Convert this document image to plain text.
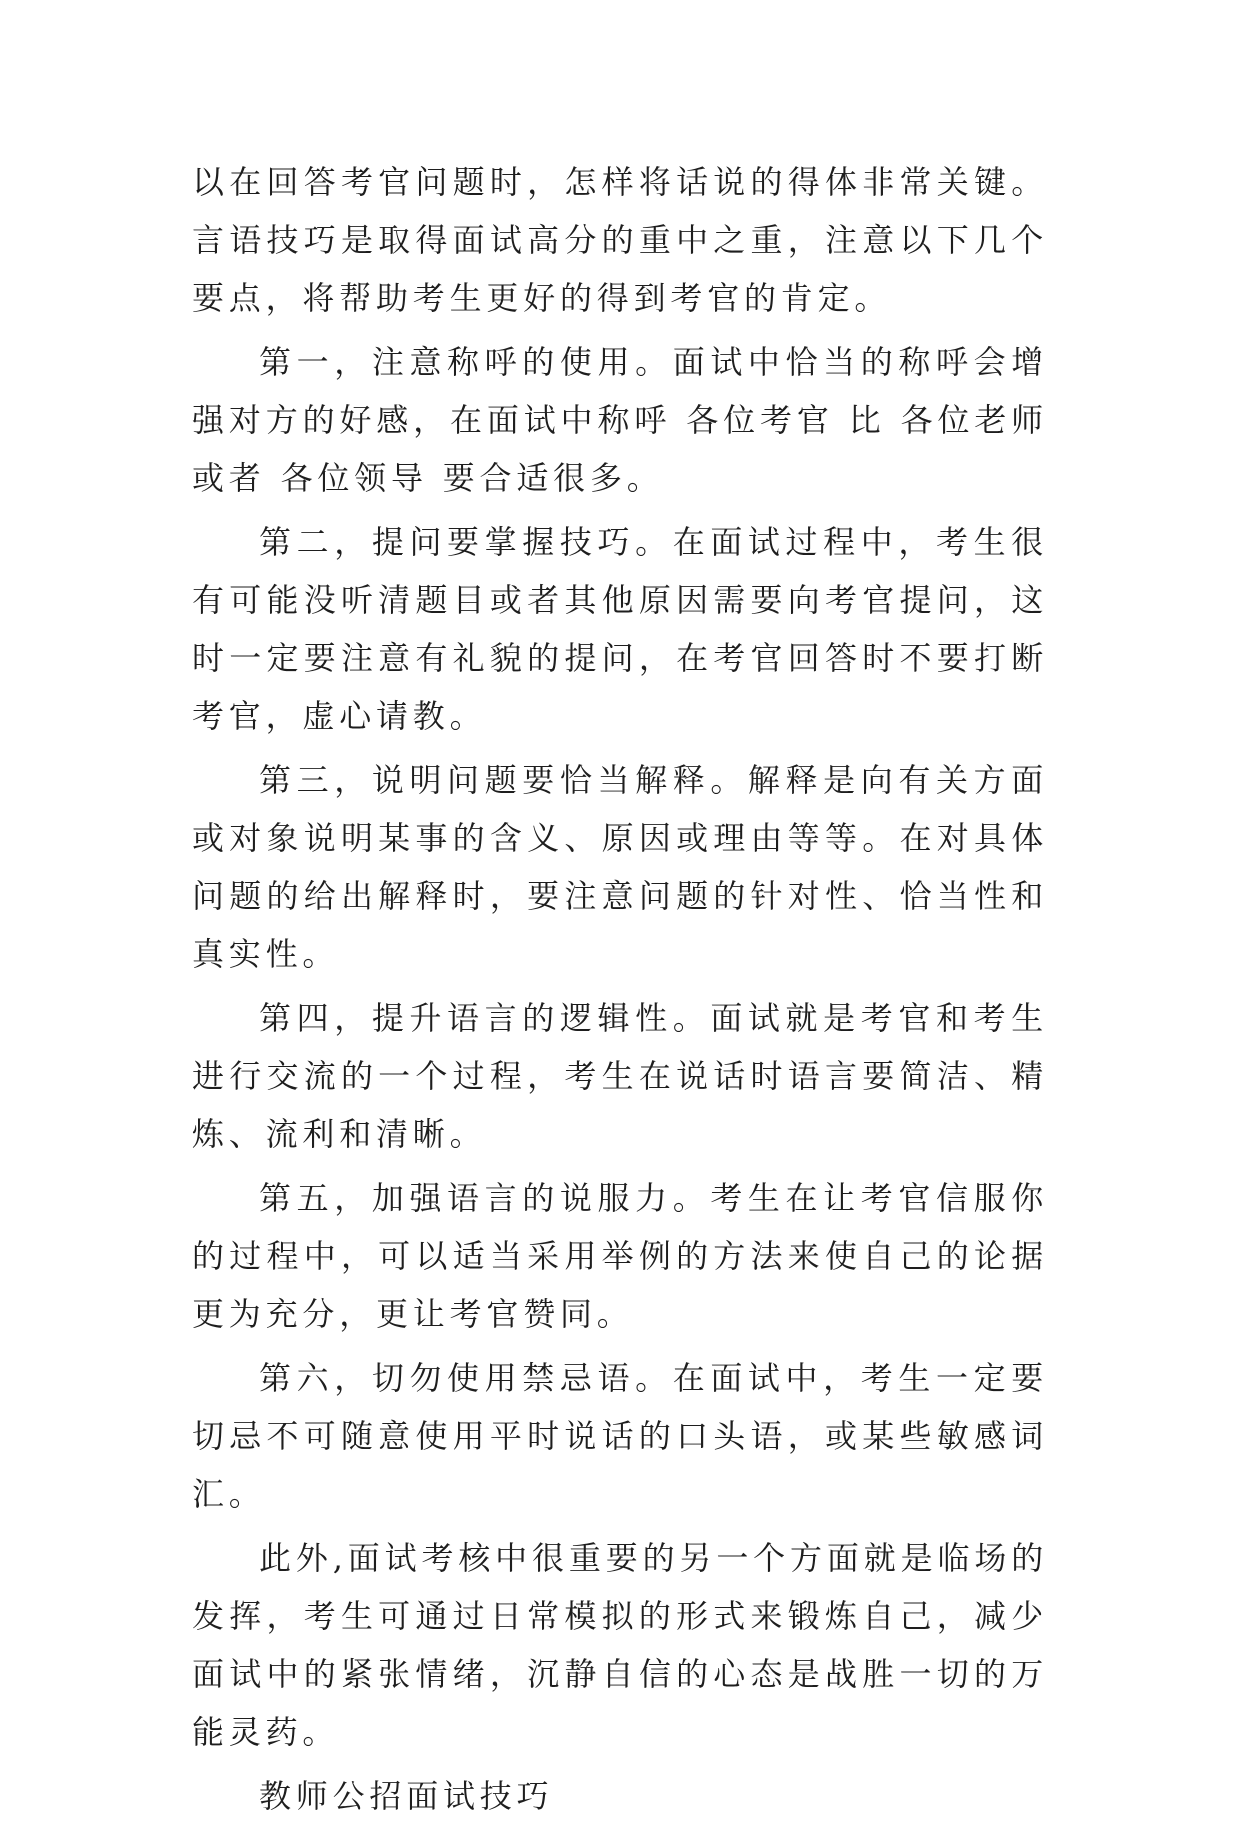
以在回答考官问题时，怎样将话说的得体非常关键。言语技巧是取得面试高分的重中之重，注意以下几个要点，将帮助考生更好的得到考官的肯定。

第一，注意称呼的使用。面试中恰当的称呼会增强对方的好感，在面试中称呼 各位考官 比 各位老师 或者 各位领导 要合适很多。

第二，提问要掌握技巧。在面试过程中，考生很有可能没听清题目或者其他原因需要向考官提问，这时一定要注意有礼貌的提问，在考官回答时不要打断考官，虚心请教。

第三，说明问题要恰当解释。解释是向有关方面或对象说明某事的含义、原因或理由等等。在对具体问题的给出解释时，要注意问题的针对性、恰当性和真实性。

第四，提升语言的逻辑性。面试就是考官和考生进行交流的一个过程，考生在说话时语言要简洁、精炼、流利和清晰。

第五，加强语言的说服力。考生在让考官信服你的过程中，可以适当采用举例的方法来使自己的论据更为充分，更让考官赞同。

第六，切勿使用禁忌语。在面试中，考生一定要切忌不可随意使用平时说话的口头语，或某些敏感词汇。

此外,面试考核中很重要的另一个方面就是临场的发挥，考生可通过日常模拟的形式来锻炼自己，减少面试中的紧张情绪，沉静自信的心态是战胜一切的万能灵药。

教师公招面试技巧
